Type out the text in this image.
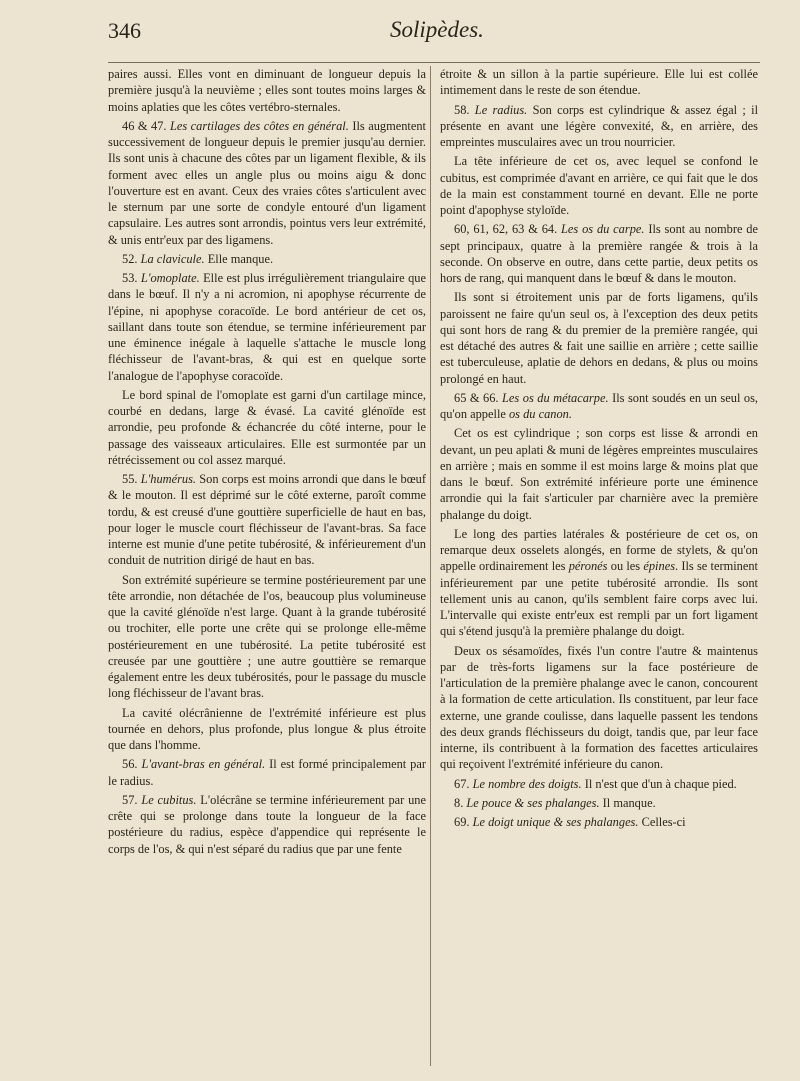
346	Solipèdes.

paires aussi. Elles vont en diminuant de longueur depuis la première jusqu'à la neuvième ; elles sont toutes moins larges & moins aplaties que les côtes vertébro-sternales.

46 & 47. Les cartilages des côtes en général. Ils augmentent successivement de longueur depuis le premier jusqu'au dernier. Ils sont unis à chacune des côtes par un ligament flexible, & ils forment avec elles un angle plus ou moins aigu & donc l'ouverture est en avant. Ceux des vraies côtes s'articulent avec le sternum par une sorte de condyle entouré d'un ligament capsulaire. Les autres sont arrondis, pointus vers leur extrémité, & unis entr'eux par des ligamens.

52. La clavicule. Elle manque.

53. L'omoplate. Elle est plus irrégulièrement triangulaire que dans le bœuf. Il n'y a ni acromion, ni apophyse récurrente de l'épine, ni apophyse coracoïde. Le bord antérieur de cet os, saillant dans toute son étendue, se termine inférieurement par une éminence inégale à laquelle s'attache le muscle long fléchisseur de l'avant-bras, & qui est en quelque sorte l'analogue de l'apophyse coracoïde.

Le bord spinal de l'omoplate est garni d'un cartilage mince, courbé en dedans, large & évasé. La cavité glénoïde est arrondie, peu profonde & échancrée du côté interne, pour le passage des vaisseaux articulaires. Elle est surmontée par un rétrécissement ou col assez marqué.

55. L'humérus. Son corps est moins arrondi que dans le bœuf & le mouton. Il est déprimé sur le côté externe, paroît comme tordu, & est creusé d'une gouttière superficielle de haut en bas, pour loger le muscle court fléchisseur de l'avant-bras. Sa face interne est munie d'une petite tubérosité, & inférieurement d'un conduit de nutrition dirigé de haut en bas.

Son extrémité supérieure se termine postérieurement par une tête arrondie, non détachée de l'os, beaucoup plus volumineuse que la cavité glénoïde n'est large. Quant à la grande tubérosité ou trochiter, elle porte une crête qui se prolonge elle-même postérieurement en une tubérosité. La petite tubérosité est creusée par une gouttière ; une autre gouttière se remarque également entre les deux tubérosités, pour le passage du muscle long fléchisseur de l'avant bras.

La cavité olécrânienne de l'extrémité inférieure est plus tournée en dehors, plus profonde, plus longue & plus étroite que dans l'homme.

56. L'avant-bras en général. Il est formé principalement par le radius.

57. Le cubitus. L'olécrâne se termine inférieurement par une crête qui se prolonge dans toute la longueur de la face postérieure du radius, espèce d'appendice qui représente le corps de l'os, & qui n'est séparé du radius que par une fente

étroite & un sillon à la partie supérieure. Elle lui est collée intimement dans le reste de son étendue.

58. Le radius. Son corps est cylindrique & assez égal ; il présente en avant une légère convexité, &, en arrière, des empreintes musculaires avec un trou nourricier.

La tête inférieure de cet os, avec lequel se confond le cubitus, est comprimée d'avant en arrière, ce qui fait que le dos de la main est constamment tourné en devant. Elle ne porte point d'apophyse styloïde.

60, 61, 62, 63 & 64. Les os du carpe. Ils sont au nombre de sept principaux, quatre à la première rangée & trois à la seconde. On observe en outre, dans cette partie, deux petits os hors de rang, qui manquent dans le bœuf & dans le mouton.

Ils sont si étroitement unis par de forts ligamens, qu'ils paroissent ne faire qu'un seul os, à l'exception des deux petits qui sont hors de rang & du premier de la première rangée, qui est détaché des autres & fait une saillie en arrière ; cette saillie est tuberculeuse, aplatie de dehors en dedans, & plus ou moins prolongé en haut.

65 & 66. Les os du métacarpe. Ils sont soudés en un seul os, qu'on appelle os du canon.

Cet os est cylindrique ; son corps est lisse & arrondi en devant, un peu aplati & muni de légères empreintes musculaires en arrière ; mais en somme il est moins large & moins plat que dans le bœuf. Son extrémité inférieure porte une éminence arrondie qui la fait s'articuler par charnière avec la première phalange du doigt.

Le long des parties latérales & postérieure de cet os, on remarque deux osselets alongés, en forme de stylets, & qu'on appelle ordinairement les péronés ou les épines. Ils se terminent inférieurement par une petite tubérosité arrondie. Ils sont tellement unis au canon, qu'ils semblent faire corps avec lui. L'intervalle qui existe entr'eux est rempli par un fort ligament qui s'étend jusqu'à la première phalange du doigt.

Deux os sésamoïdes, fixés l'un contre l'autre & maintenus par de très-forts ligamens sur la face postérieure de l'articulation de la première phalange avec le canon, concourent à la formation de cette articulation. Ils constituent, par leur face externe, une grande coulisse, dans laquelle passent les tendons des deux grands fléchisseurs du doigt, tandis que, par leur face interne, ils contribuent à la formation des facettes articulaires qui reçoivent l'extrémité inférieure du canon.

67. Le nombre des doigts. Il n'est que d'un à chaque pied.

8. Le pouce & ses phalanges. Il manque.

69. Le doigt unique & ses phalanges. Celles-ci
